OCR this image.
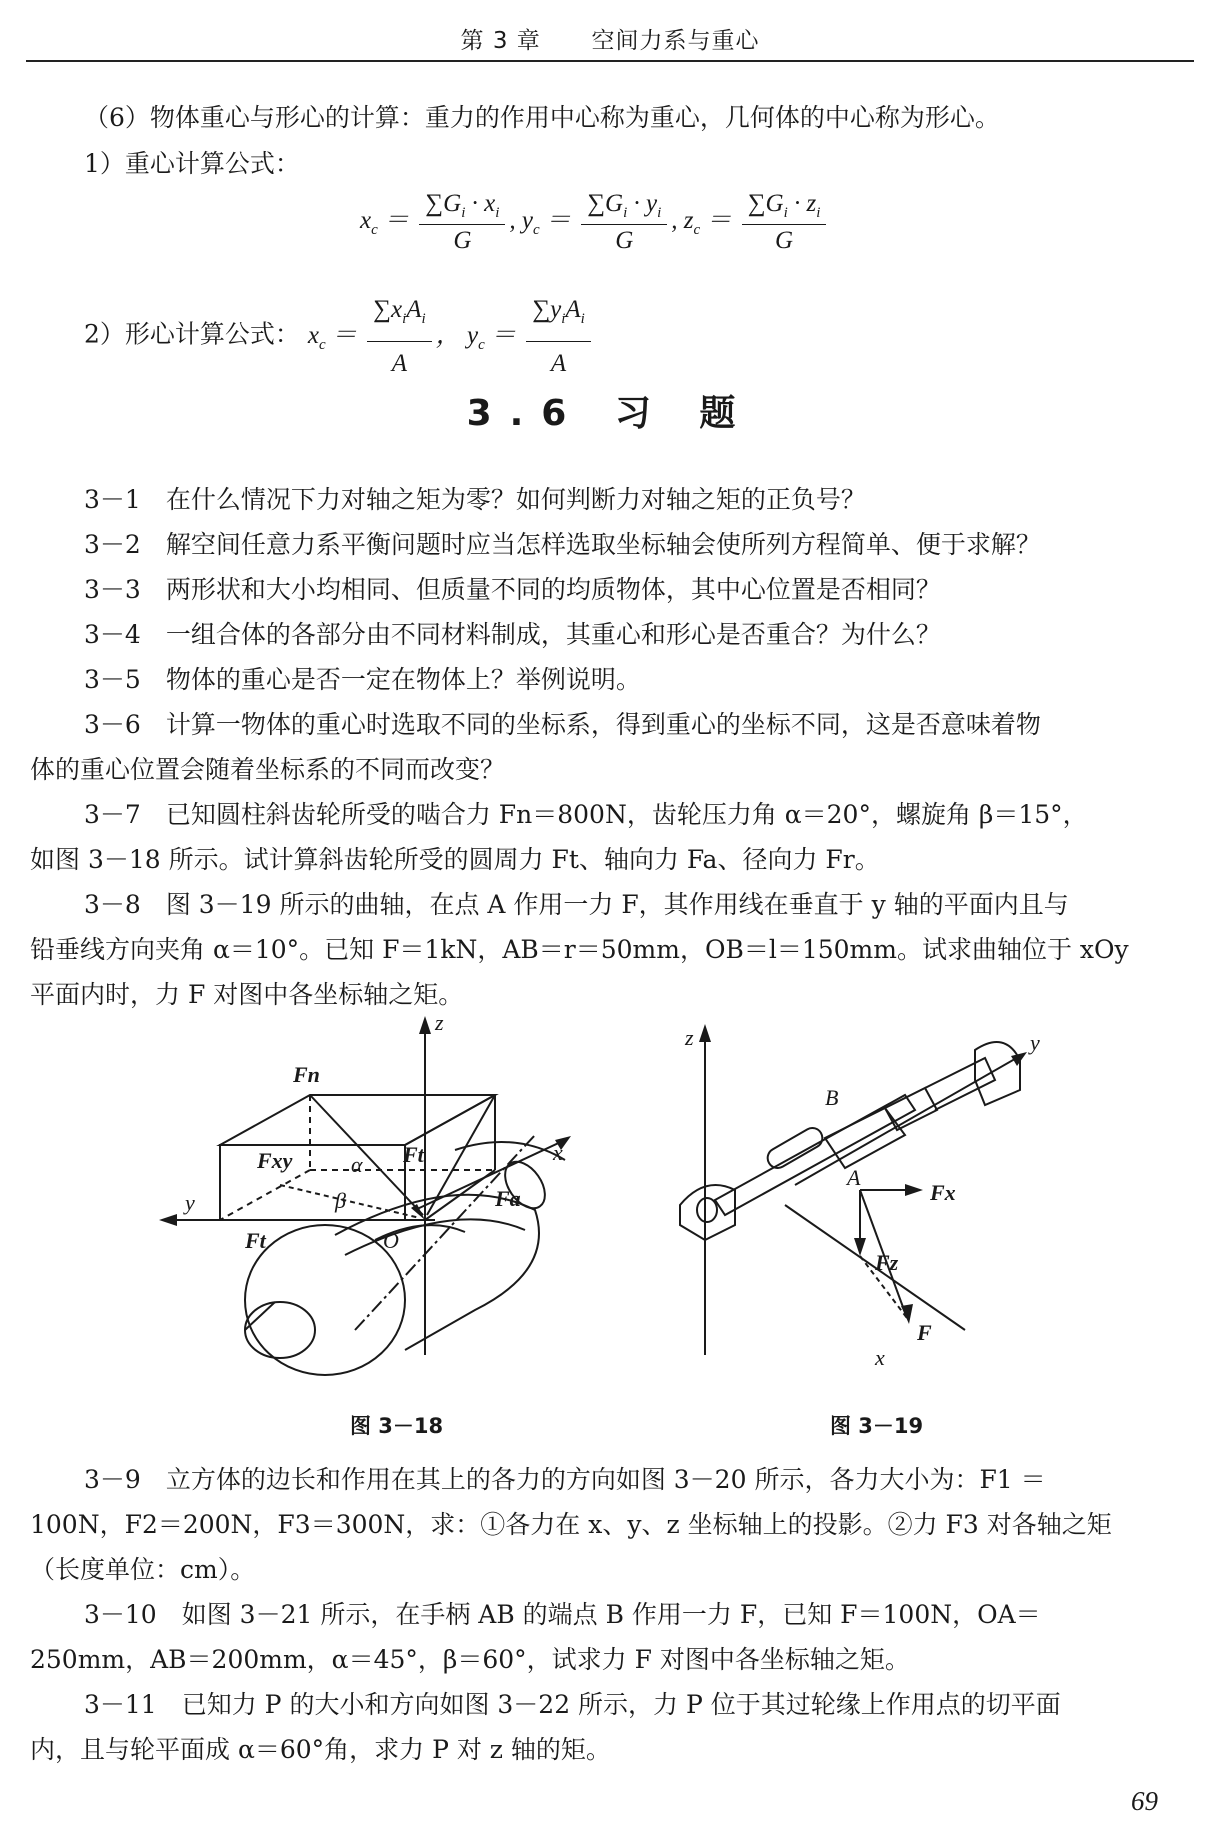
第 3 章 空间力系与重心
（6）物体重心与形心的计算：重力的作用中心称为重心，几何体的中心称为形心。
1）重心计算公式：
$x_c = \frac{\sum G_i \cdot x_i}{G}$ , $y_c = \frac{\sum G_i \cdot y_i}{G}$ , $z_c = \frac{\sum G_i \cdot z_i}{G}$
2）形心计算公式： $x_c = \frac{\sum x_iA_i}{A}$ ， $y_c = \frac{\sum y_iA_i}{A}$
3.6 习 题
3－1　 在什么情况下力对轴之矩为零？如何判断力对轴之矩的正负号？
3－2　 解空间任意力系平衡问题时应当怎样选取坐标轴会使所列方程简单、便于求解？
3－3　 两形状和大小均相同、但质量不同的均质物体，其中心位置是否相同？
3－4　 一组合体的各部分由不同材料制成，其重心和形心是否重合？为什么？
3－5　 物体的重心是否一定在物体上？举例说明。
3－6　 计算一物体的重心时选取不同的坐标系，得到重心的坐标不同，这是否意味着物
体的重心位置会随着坐标系的不同而改变？
3－7　 已知圆柱斜齿轮所受的啮合力 Fn＝800N，齿轮压力角 α＝20°，螺旋角 β＝15°，
如图 3－18 所示。试计算斜齿轮所受的圆周力 Ft、轴向力 Fa、径向力 Fr。
3－8　 图 3－19 所示的曲轴，在点 A 作用一力 F，其作用线在垂直于 y 轴的平面内且与
铅垂线方向夹角 α＝10°。已知 F＝1kN，AB＝r＝50mm，OB＝l＝150mm。试求曲轴位于 xOy
平面内时，力 F 对图中各坐标轴之矩。
z
y
x
Fn
Ft
Fxy	α
β	Fa
Ft	O
z	y
x
B
A
Fx
Fz
F
图 3－18	图 3－19
3－9　 立方体的边长和作用在其上的各力的方向如图 3－20 所示，各力大小为：F1 ＝
100N，F2＝200N，F3＝300N，求：①各力在 x、y、z 坐标轴上的投影。②力 F3 对各轴之矩
（长度单位：cm）。
3－10　 如图 3－21 所示，在手柄 AB 的端点 B 作用一力 F，已知 F＝100N，OA＝
250mm，AB＝200mm，α＝45°，β＝60°，试求力 F 对图中各坐标轴之矩。
3－11　 已知力 P 的大小和方向如图 3－22 所示，力 P 位于其过轮缘上作用点的切平面
内，且与轮平面成 α＝60°角，求力 P 对 z 轴的矩。
69
